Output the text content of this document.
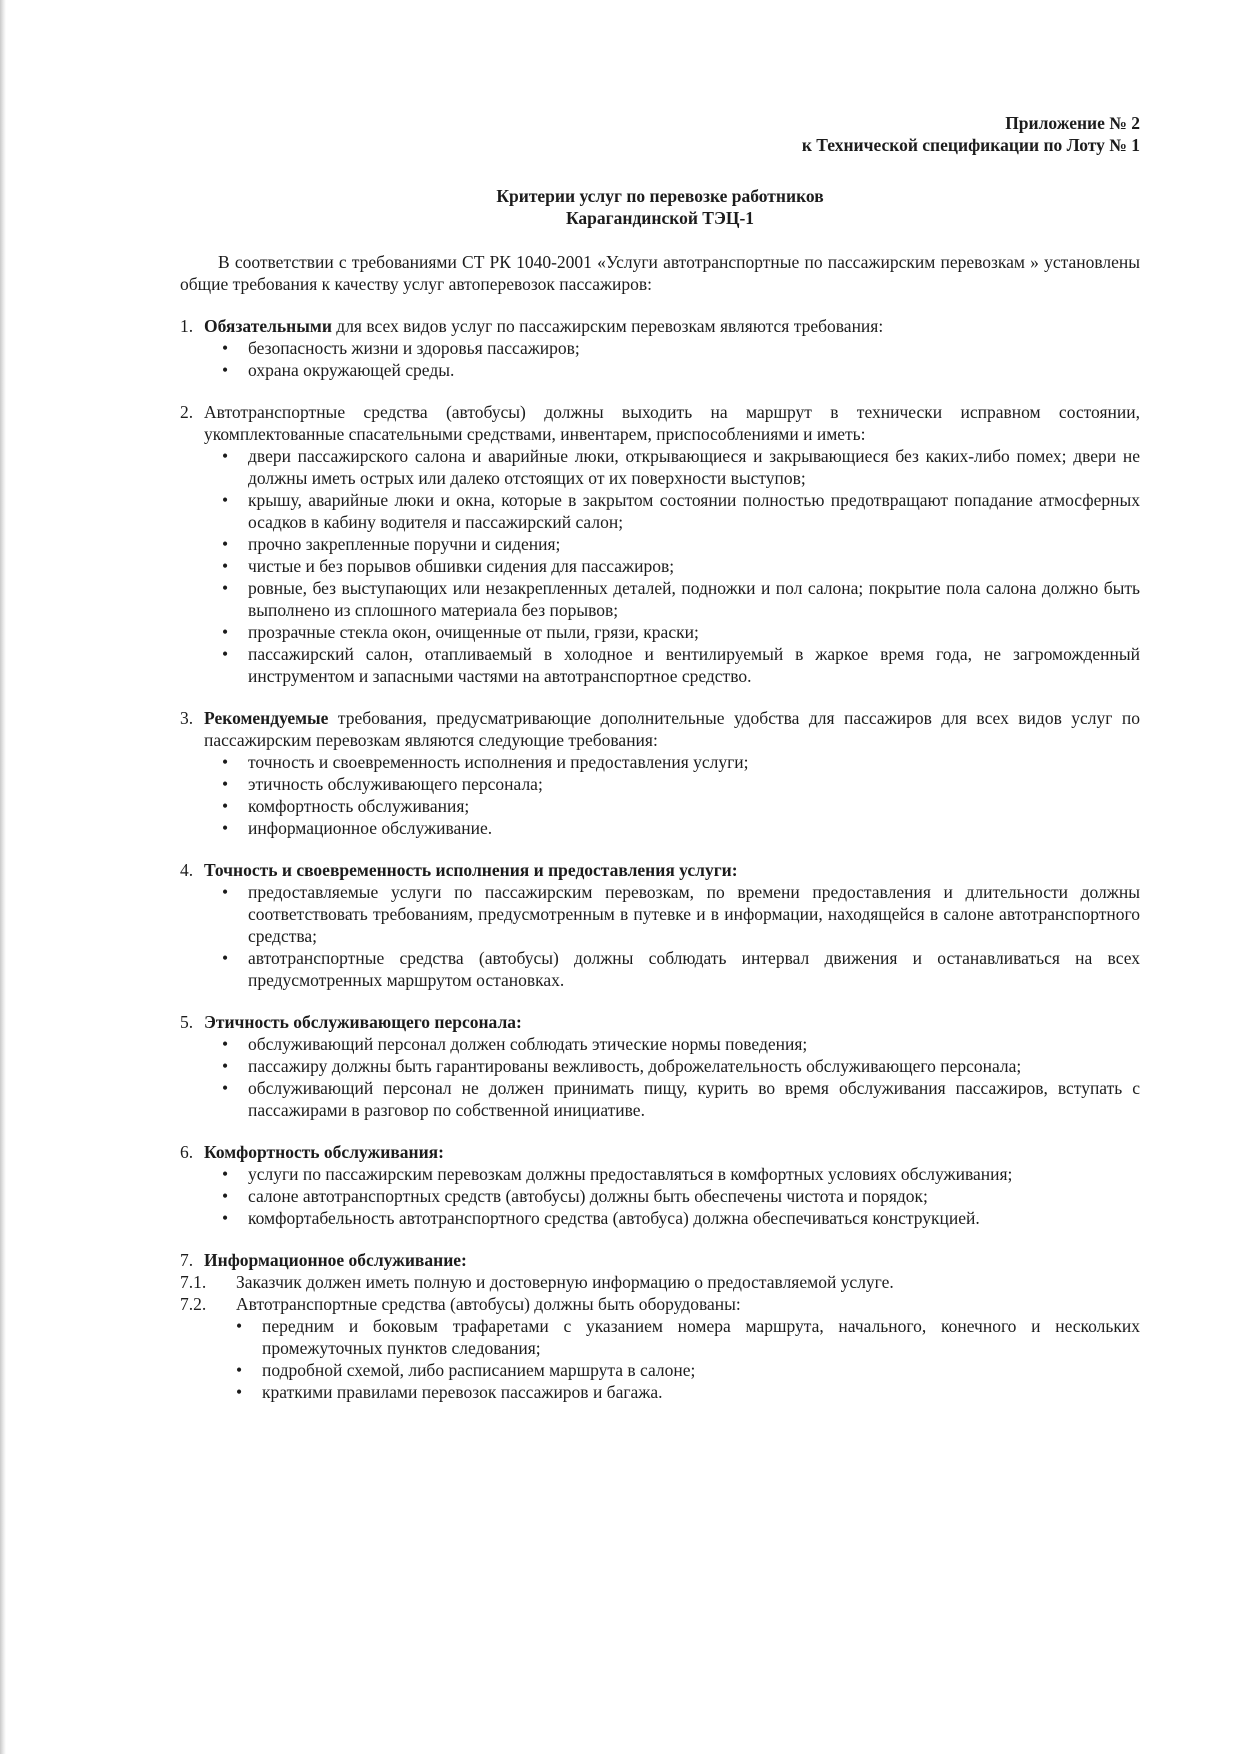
Приложение № 2
к Технической спецификации по Лоту № 1
Критерии услуг по перевозке работников
Карагандинской ТЭЦ-1
В соответствии с требованиями СТ РК 1040-2001 «Услуги автотранспортные по пассажирским перевозкам » установлены общие требования к качеству услуг автоперевозок пассажиров:
1. Обязательными для всех видов услуг по пассажирским перевозкам являются требования:
• безопасность жизни и здоровья пассажиров;
• охрана окружающей среды.
2. Автотранспортные средства (автобусы) должны выходить на маршрут в технически исправном состоянии, укомплектованные спасательными средствами, инвентарем, приспособлениями и иметь:
• двери пассажирского салона и аварийные люки, открывающиеся и закрывающиеся без каких-либо помех; двери не должны иметь острых или далеко отстоящих от их поверхности выступов;
• крышу, аварийные люки и окна, которые в закрытом состоянии полностью предотвращают попадание атмосферных осадков в кабину водителя и пассажирский салон;
• прочно закрепленные поручни и сидения;
• чистые и без порывов обшивки сидения для пассажиров;
• ровные, без выступающих или незакрепленных деталей, подножки и пол салона; покрытие пола салона должно быть выполнено из сплошного материала без порывов;
• прозрачные стекла окон, очищенные от пыли, грязи, краски;
• пассажирский салон, отапливаемый в холодное и вентилируемый в жаркое время года, не загроможденный инструментом и запасными частями на автотранспортное средство.
3. Рекомендуемые требования, предусматривающие дополнительные удобства для пассажиров для всех видов услуг по пассажирским перевозкам являются следующие требования:
• точность и своевременность исполнения и предоставления услуги;
• этичность обслуживающего персонала;
• комфортность обслуживания;
• информационное обслуживание.
4. Точность и своевременность исполнения и предоставления услуги:
• предоставляемые услуги по пассажирским перевозкам, по времени предоставления и длительности должны соответствовать требованиям, предусмотренным в путевке и в информации, находящейся в салоне автотранспортного средства;
• автотранспортные средства (автобусы) должны соблюдать интервал движения и останавливаться на всех предусмотренных маршрутом остановках.
5. Этичность обслуживающего персонала:
• обслуживающий персонал должен соблюдать этические нормы поведения;
• пассажиру должны быть гарантированы вежливость, доброжелательность обслуживающего персонала;
• обслуживающий персонал не должен принимать пищу, курить во время обслуживания пассажиров, вступать с пассажирами в разговор по собственной инициативе.
6. Комфортность обслуживания:
• услуги по пассажирским перевозкам должны предоставляться в комфортных условиях обслуживания;
• салоне автотранспортных средств (автобусы) должны быть обеспечены чистота и порядок;
• комфортабельность автотранспортного средства (автобуса) должна обеспечиваться конструкцией.
7. Информационное обслуживание:
7.1. Заказчик должен иметь полную и достоверную информацию о предоставляемой услуге.
7.2. Автотранспортные средства (автобусы) должны быть оборудованы:
• передним и боковым трафаретами с указанием номера маршрута, начального, конечного и нескольких промежуточных пунктов следования;
• подробной схемой, либо расписанием маршрута в салоне;
• краткими правилами перевозок пассажиров и багажа.
